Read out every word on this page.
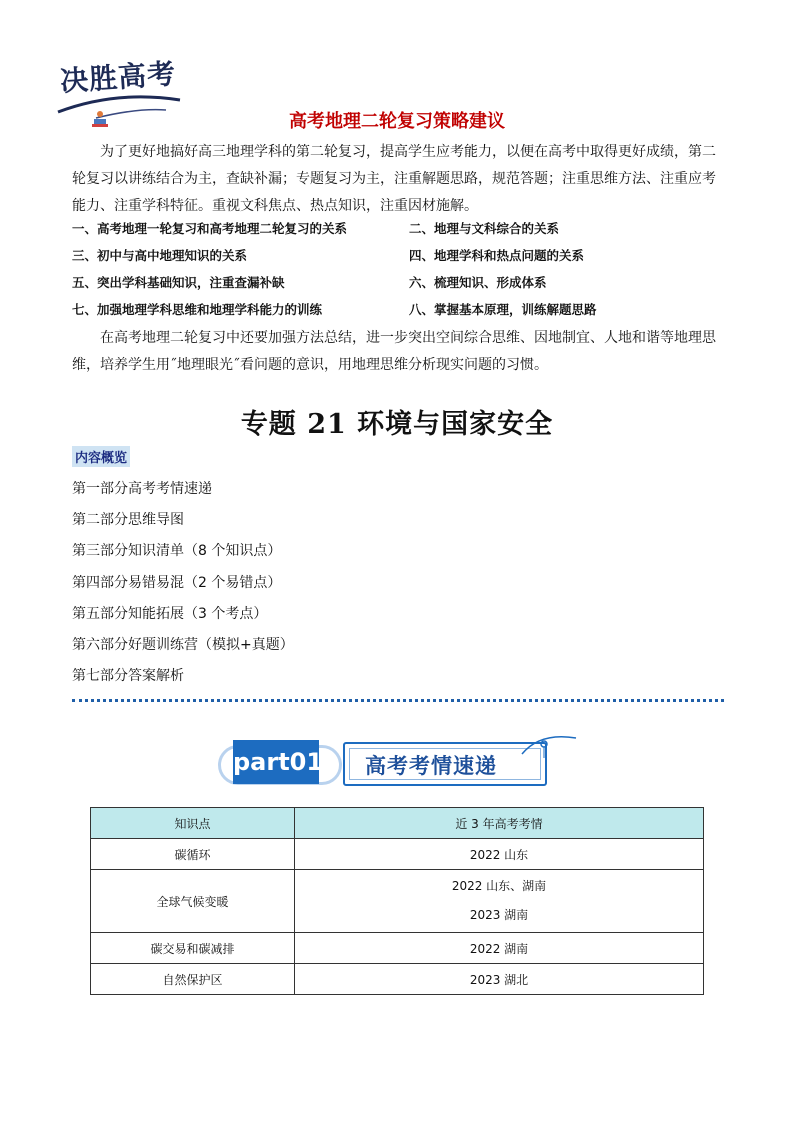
决胜高考
高考地理二轮复习策略建议

为了更好地搞好高三地理学科的第二轮复习，提高学生应考能力，以便在高考中取得更好成绩，第二轮复习以讲练结合为主，查缺补漏；专题复习为主，注重解题思路，规范答题；注重思维方法、注重应考能力、注重学科特征。重视文科焦点、热点知识，注重因材施解。

一、高考地理一轮复习和高考地理二轮复习的关系	二、地理与文科综合的关系
三、初中与高中地理知识的关系	四、地理学科和热点问题的关系
五、突出学科基础知识，注重查漏补缺	六、梳理知识、形成体系
七、加强地理学科思维和地理学科能力的训练	八、掌握基本原理，训练解题思路

在高考地理二轮复习中还要加强方法总结，进一步突出空间综合思维、因地制宜、人地和谐等地理思维，培养学生用˝地理眼光˝看问题的意识，用地理思维分析现实问题的习惯。

专题 21 环境与国家安全
内容概览
第一部分高考考情速递
第二部分思维导图
第三部分知识清单（8 个知识点）
第四部分易错易混（2 个易错点）
第五部分知能拓展（3 个考点）
第六部分好题训练营（模拟+真题）
第七部分答案解析
part01 高考考情速递
知识点	近 3 年高考考情
碳循环	2022 山东
全球气候变暖	2022 山东、湖南
2023 湖南

碳交易和碳减排	2022 湖南
自然保护区	2023 湖北
